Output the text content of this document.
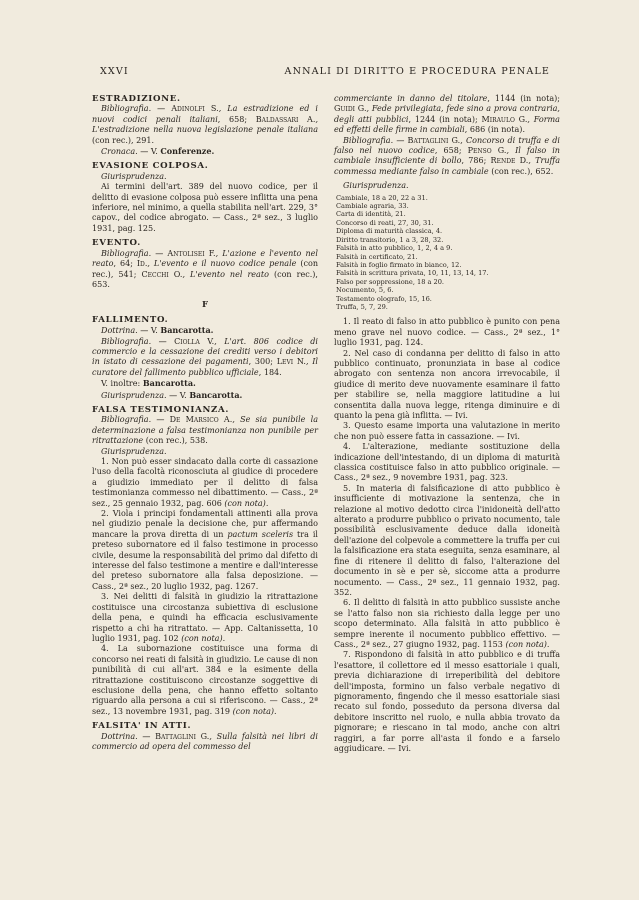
XXVI	ANNALI DI DIRITTO E PROCEDURA PENALE
ESTRADIZIONE.

Bibliografia. — Adinolfi S., La estradizione ed i nuovi codici penali italiani, 658; Baldassari A., L'estradizione nella nuova legislazione penale italiana (con rec.), 291.

Cronaca. — V. Conferenze.

EVASIONE COLPOSA.

Giurisprudenza.

Ai termini dell'art. 389 del nuovo codice, per il delitto di evasione colposa può essere inflitta una pena inferiore, nel minimo, a quella stabilita nell'art. 229, 3° capov., del codice abrogato. — Cass., 2ª sez., 3 luglio 1931, pag. 125.

EVENTO.

Bibliografia. — Antolisei F., L'azione e l'evento nel reato, 64; Id., L'evento e il nuovo codice penale (con rec.), 541; Cecchi O., L'evento nel reato (con rec.), 653.

F
FALLIMENTO.

Dottrina. — V. Bancarotta.

Bibliografia. — Ciolla V., L'art. 806 codice di commercio e la cessazione dei crediti verso i debitori in istato di cessazione dei pagamenti, 300; Levi N., Il curatore del fallimento pubblico ufficiale, 184.

V. inoltre: Bancarotta.

Giurisprudenza. — V. Bancarotta.

FALSA TESTIMONIANZA.

Bibliografia. — De Marsico A., Se sia punibile la determinazione a falsa testimonianza non punibile per ritrattazione (con rec.), 538.

Giurisprudenza.

1. Non può esser sindacato dalla corte di cassazione l'uso della facoltà riconosciuta al giudice di procedere a giudizio immediato per il delitto di falsa testimonianza commesso nel dibattimento. — Cass., 2ª sez., 25 gennaio 1932, pag. 606 (con nota).

2. Viola i principi fondamentali attinenti alla prova nel giudizio penale la decisione che, pur affermando mancare la prova diretta di un pactum sceleris tra il preteso subornatore ed il falso testimone in processo civile, desume la responsabilità del primo dal difetto di interesse del falso testimone a mentire e dall'interesse del preteso subornatore alla falsa deposizione. — Cass., 2ª sez., 20 luglio 1932, pag. 1267.

3. Nei delitti di falsità in giudizio la ritrattazione costituisce una circostanza subiettiva di esclusione della pena, e quindi ha efficacia esclusivamente rispetto a chi ha ritrattato. — App. Caltanissetta, 10 luglio 1931, pag. 102 (con nota).

4. La subornazione costituisce una forma di concorso nei reati di falsità in giudizio. Le cause di non punibilità di cui all'art. 384 e la esimente della ritrattazione costituiscono circostanze soggettive di esclusione della pena, che hanno effetto soltanto riguardo alla persona a cui si riferiscono. — Cass., 2ª sez., 13 novembre 1931, pag. 319 (con nota).

FALSITA' IN ATTI.

Dottrina. — Battaglini G., Sulla falsità nei libri di commercio ad opera del commesso del

commerciante in danno del titolare, 1144 (in nota); Guidi G., Fede privilegiata, fede sino a prova contraria, degli atti pubblici, 1244 (in nota); Miraulo G., Forma ed effetti delle firme in cambiali, 686 (in nota).

Bibliografia. — Battaglini G., Concorso di truffa e di falso nel nuovo codice, 658; Penso G., Il falso in cambiale insufficiente di bollo, 786; Rende D., Truffa commessa mediante falso in cambiale (con rec.), 652.

Giurisprudenza.
Cambiale, 18 a 20, 22 a 31.
Cambiale agraria, 33.
Carta di identità, 21.
Concorso di reati, 27, 30, 31.
Diploma di maturità classica, 4.
Diritto transitorio, 1 a 3, 28, 32.
Falsità in atto pubblico, 1, 2, 4 a 9.
Falsità in certificato, 21.
Falsità in foglio firmato in bianco, 12.
Falsità in scrittura privata, 10, 11, 13, 14, 17.
Falso per soppressione, 18 a 20.
Nocumento, 5, 6.
Testamento olografo, 15, 16.
Truffa, 5, 7, 29.

1. Il reato di falso in atto pubblico è punito con pena meno grave nel nuovo codice. — Cass., 2ª sez., 1° luglio 1931, pag. 124.

2. Nel caso di condanna per delitto di falso in atto pubblico continuato, pronunziata in base al codice abrogato con sentenza non ancora irrevocabile, il giudice di merito deve nuovamente esaminare il fatto per stabilire se, nella maggiore latitudine a lui consentita dalla nuova legge, ritenga diminuire e di quanto la pena già inflitta. — Ivi.

3. Questo esame importa una valutazione in merito che non può essere fatta in cassazione. — Ivi.

4. L'alterazione, mediante sostituzione della indicazione dell'intestando, di un diploma di maturità classica costituisce falso in atto pubblico originale. — Cass., 2ª sez., 9 novembre 1931, pag. 323.

5. In materia di falsificazione di atto pubblico è insufficiente di motivazione la sentenza, che in relazione al motivo dedotto circa l'inidoneità dell'atto alterato a produrre pubblico o privato nocumento, tale possibilità esclusivamente deduce dalla idoneità dell'azione del colpevole a commettere la truffa per cui la falsificazione era stata eseguita, senza esaminare, al fine di ritenere il delitto di falso, l'alterazione del documento in sè e per sè, siccome atta a produrre nocumento. — Cass., 2ª sez., 11 gennaio 1932, pag. 352.

6. Il delitto di falsità in atto pubblico sussiste anche se l'atto falso non sia richiesto dalla legge per uno scopo determinato. Alla falsità in atto pubblico è sempre inerente il nocumento pubblico effettivo. — Cass., 2ª sez., 27 giugno 1932, pag. 1153 (con nota).

7. Rispondono di falsità in atto pubblico e di truffa l'esattore, il collettore ed il messo esattoriale i quali, previa dichiarazione di irreperibilità del debitore dell'imposta, formino un falso verbale negativo di pignoramento, fingendo che il messo esattoriale siasi recato sul fondo, posseduto da persona diversa dal debitore inscritto nel ruolo, e nulla abbia trovato da pignorare; e riescano in tal modo, anche con altri raggiri, a far porre all'asta il fondo e a farselo aggiudicare. — Ivi.
